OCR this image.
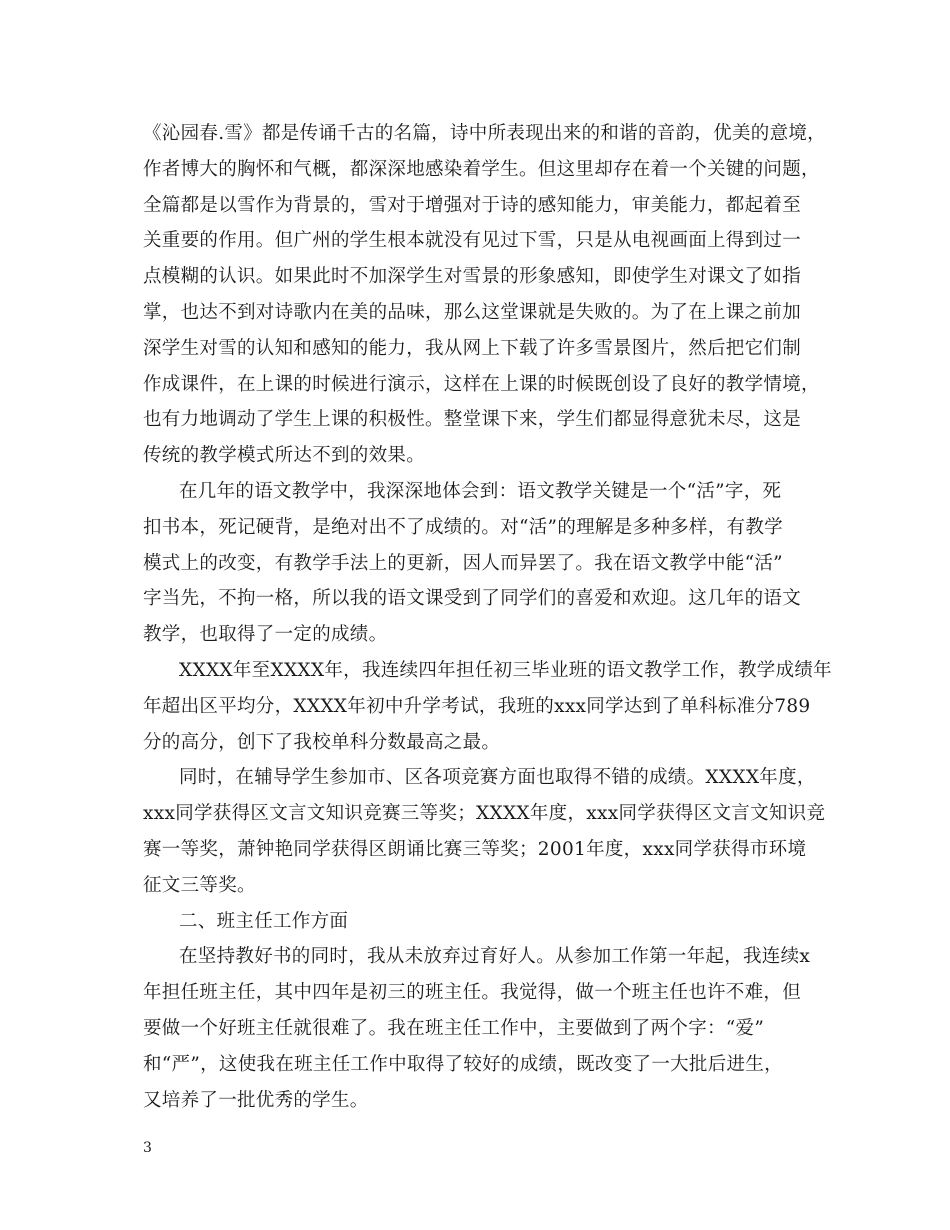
《沁园春.雪》都是传诵千古的名篇，诗中所表现出来的和谐的音韵，优美的意境，
作者博大的胸怀和气概，都深深地感染着学生。但这里却存在着一个关键的问题，
全篇都是以雪作为背景的，雪对于增强对于诗的感知能力，审美能力，都起着至
关重要的作用。但广州的学生根本就没有见过下雪，只是从电视画面上得到过一
点模糊的认识。如果此时不加深学生对雪景的形象感知，即使学生对课文了如指
掌，也达不到对诗歌内在美的品味，那么这堂课就是失败的。为了在上课之前加
深学生对雪的认知和感知的能力，我从网上下载了许多雪景图片，然后把它们制
作成课件，在上课的时候进行演示，这样在上课的时候既创设了良好的教学情境，
也有力地调动了学生上课的积极性。整堂课下来，学生们都显得意犹未尽，这是
传统的教学模式所达不到的效果。
在几年的语文教学中，我深深地体会到：语文教学关键是一个“活”字，死
扣书本，死记硬背，是绝对出不了成绩的。对“活”的理解是多种多样，有教学
模式上的改变，有教学手法上的更新，因人而异罢了。我在语文教学中能“活”
字当先，不拘一格，所以我的语文课受到了同学们的喜爱和欢迎。这几年的语文
教学，也取得了一定的成绩。
XXXX年至XXXX年，我连续四年担任初三毕业班的语文教学工作，教学成绩年
年超出区平均分，XXXX年初中升学考试，我班的xxx同学达到了单科标准分789
分的高分，创下了我校单科分数最高之最。
同时，在辅导学生参加市、区各项竞赛方面也取得不错的成绩。XXXX年度，
xxx同学获得区文言文知识竞赛三等奖；XXXX年度，xxx同学获得区文言文知识竞
赛一等奖，萧钟艳同学获得区朗诵比赛三等奖；2001年度，xxx同学获得市环境
征文三等奖。
二、班主任工作方面
在坚持教好书的同时，我从未放弃过育好人。从参加工作第一年起，我连续x
年担任班主任，其中四年是初三的班主任。我觉得，做一个班主任也许不难，但
要做一个好班主任就很难了。我在班主任工作中，主要做到了两个字：“爱”
和“严”，这使我在班主任工作中取得了较好的成绩，既改变了一大批后进生，
又培养了一批优秀的学生。
3
